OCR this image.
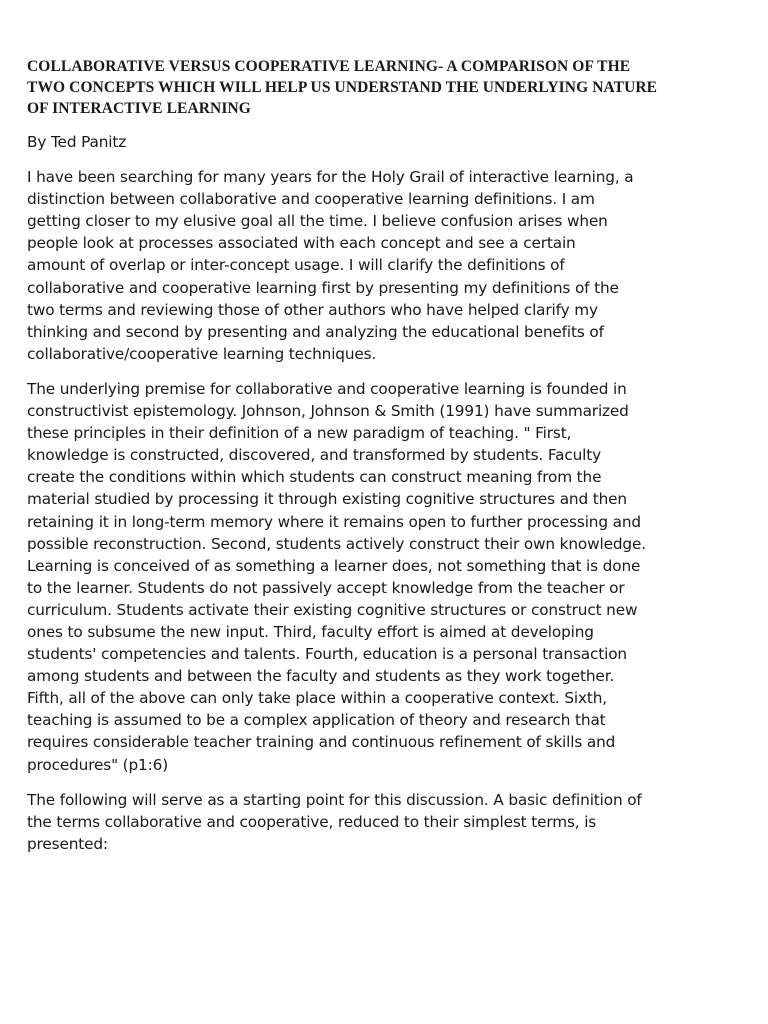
COLLABORATIVE VERSUS COOPERATIVE LEARNING- A COMPARISON OF THE
TWO CONCEPTS WHICH WILL HELP US UNDERSTAND THE UNDERLYING NATURE
OF INTERACTIVE LEARNING

By Ted Panitz

I have been searching for many years for the Holy Grail of interactive learning, a
distinction between collaborative and cooperative learning definitions. I am
getting closer to my elusive goal all the time. I believe confusion arises when
people look at processes associated with each concept and see a certain
amount of overlap or inter-concept usage. I will clarify the definitions of
collaborative and cooperative learning first by presenting my definitions of the
two terms and reviewing those of other authors who have helped clarify my
thinking and second by presenting and analyzing the educational benefits of
collaborative/cooperative learning techniques.

The underlying premise for collaborative and cooperative learning is founded in
constructivist epistemology. Johnson, Johnson & Smith (1991) have summarized
these principles in their definition of a new paradigm of teaching. " First,
knowledge is constructed, discovered, and transformed by students. Faculty
create the conditions within which students can construct meaning from the
material studied by processing it through existing cognitive structures and then
retaining it in long-term memory where it remains open to further processing and
possible reconstruction. Second, students actively construct their own knowledge.
Learning is conceived of as something a learner does, not something that is done
to the learner. Students do not passively accept knowledge from the teacher or
curriculum. Students activate their existing cognitive structures or construct new
ones to subsume the new input. Third, faculty effort is aimed at developing
students' competencies and talents. Fourth, education is a personal transaction
among students and between the faculty and students as they work together.
Fifth, all of the above can only take place within a cooperative context. Sixth,
teaching is assumed to be a complex application of theory and research that
requires considerable teacher training and continuous refinement of skills and
procedures" (p1:6)

The following will serve as a starting point for this discussion. A basic definition of
the terms collaborative and cooperative, reduced to their simplest terms, is
presented:
